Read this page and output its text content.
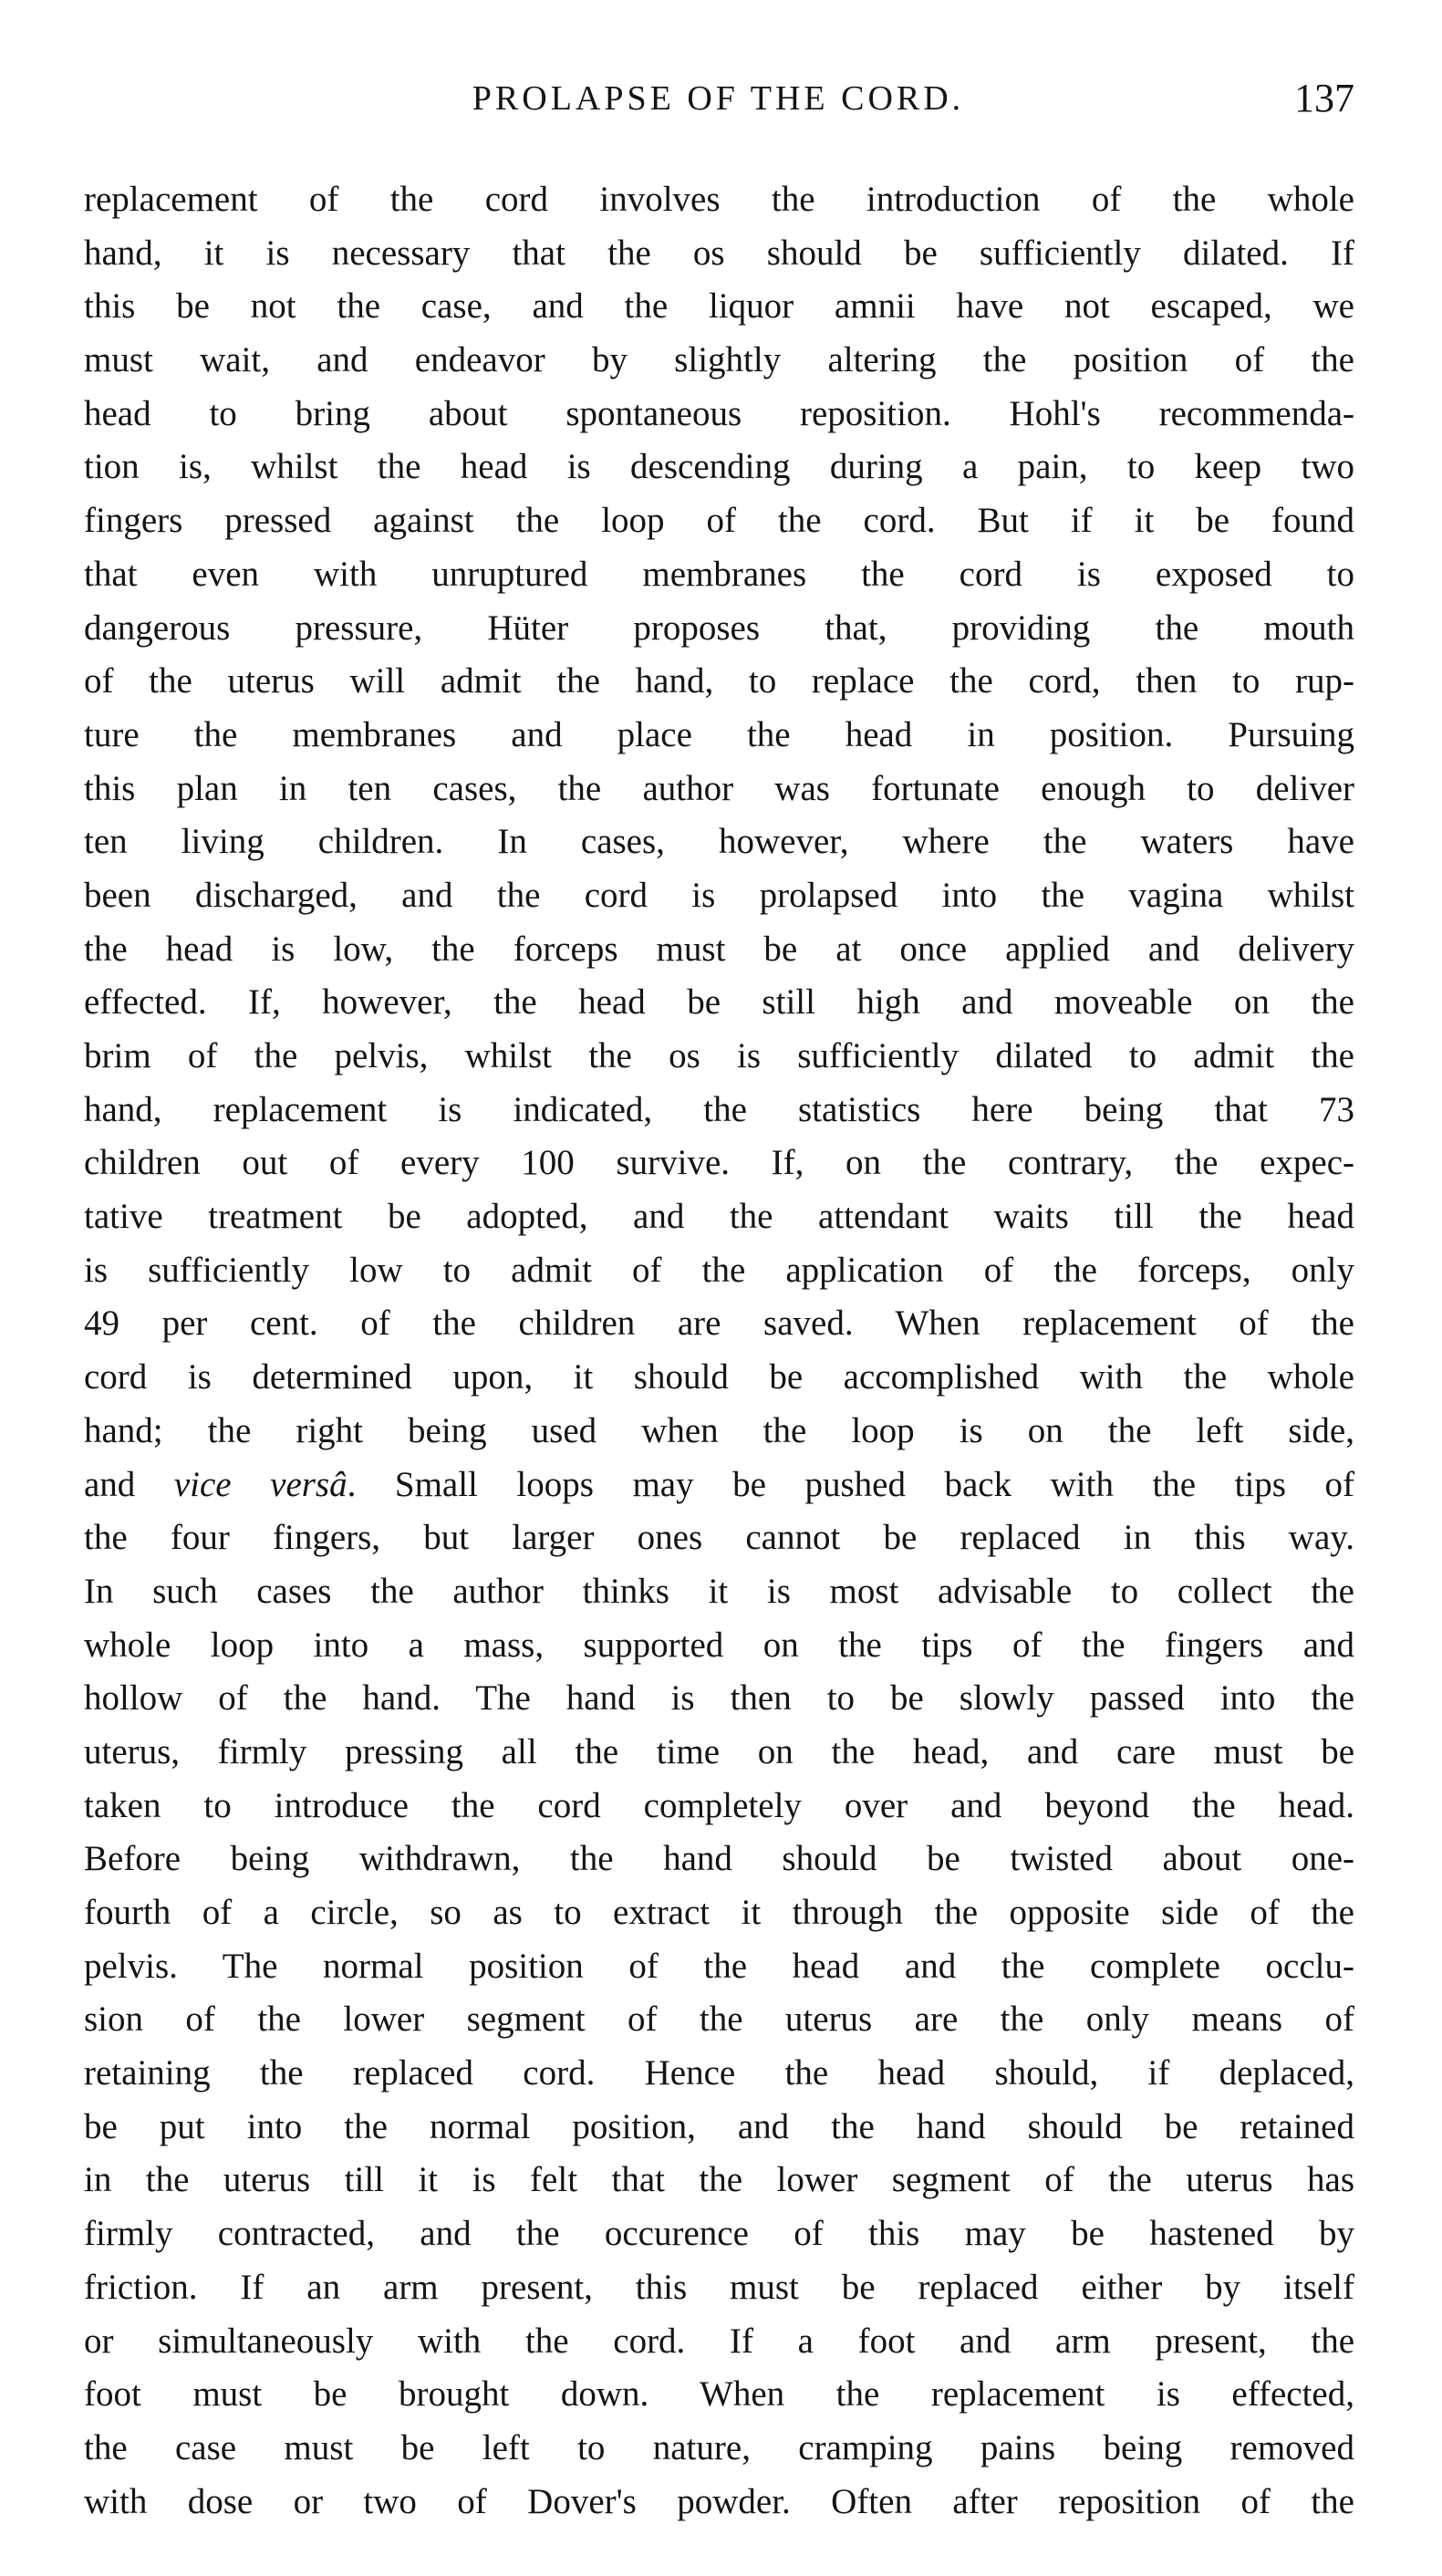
PROLAPSE OF THE CORD.	137
replacement of the cord involves the introduction of the whole
hand, it is necessary that the os should be sufficiently dilated. If
this be not the case, and the liquor amnii have not escaped, we
must wait, and endeavor by slightly altering the position of the
head to bring about spontaneous reposition. Hohl's recommenda-
tion is, whilst the head is descending during a pain, to keep two
fingers pressed against the loop of the cord. But if it be found
that even with unruptured membranes the cord is exposed to
dangerous pressure, Hüter proposes that, providing the mouth
of the uterus will admit the hand, to replace the cord, then to rup-
ture the membranes and place the head in position. Pursuing
this plan in ten cases, the author was fortunate enough to deliver
ten living children. In cases, however, where the waters have
been discharged, and the cord is prolapsed into the vagina whilst
the head is low, the forceps must be at once applied and delivery
effected. If, however, the head be still high and moveable on the
brim of the pelvis, whilst the os is sufficiently dilated to admit the
hand, replacement is indicated, the statistics here being that 73
children out of every 100 survive. If, on the contrary, the expec-
tative treatment be adopted, and the attendant waits till the head
is sufficiently low to admit of the application of the forceps, only
49 per cent. of the children are saved. When replacement of the
cord is determined upon, it should be accomplished with the whole
hand; the right being used when the loop is on the left side,
and vice versâ. Small loops may be pushed back with the tips of
the four fingers, but larger ones cannot be replaced in this way.
In such cases the author thinks it is most advisable to collect the
whole loop into a mass, supported on the tips of the fingers and
hollow of the hand. The hand is then to be slowly passed into the
uterus, firmly pressing all the time on the head, and care must be
taken to introduce the cord completely over and beyond the head.
Before being withdrawn, the hand should be twisted about one-
fourth of a circle, so as to extract it through the opposite side of the
pelvis. The normal position of the head and the complete occlu-
sion of the lower segment of the uterus are the only means of
retaining the replaced cord. Hence the head should, if deplaced,
be put into the normal position, and the hand should be retained
in the uterus till it is felt that the lower segment of the uterus has
firmly contracted, and the occurence of this may be hastened by
friction. If an arm present, this must be replaced either by itself
or simultaneously with the cord. If a foot and arm present, the
foot must be brought down. When the replacement is effected,
the case must be left to nature, cramping pains being removed
with dose or two of Dover's powder. Often after reposition of the
